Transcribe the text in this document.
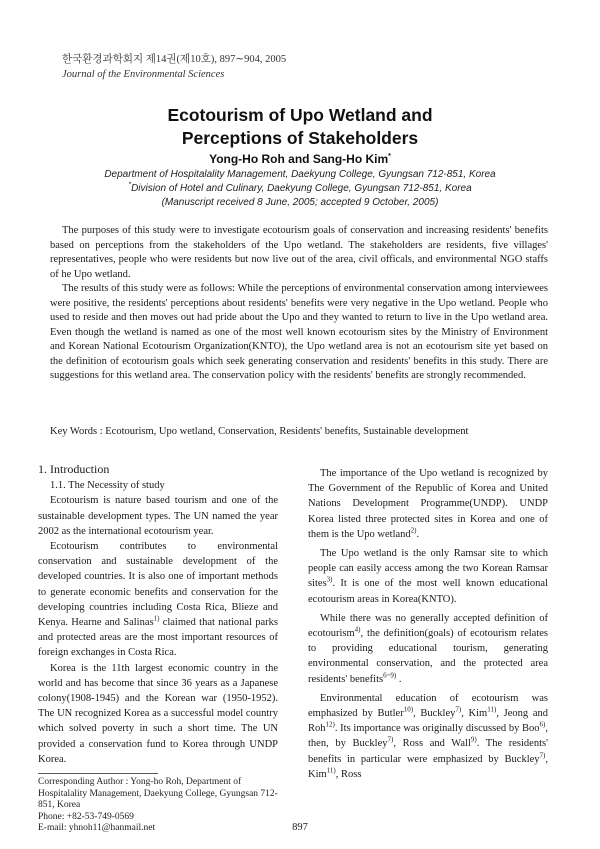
한국환경과학회지 제14권(제10호), 897∼904, 2005
Journal of the Environmental Sciences
Ecotourism of Upo Wetland and
Perceptions of Stakeholders
Yong-Ho Roh and Sang-Ho Kim*
Department of Hospitalality Management, Daekyung College, Gyungsan 712-851, Korea
*Division of Hotel and Culinary, Daekyung College, Gyungsan 712-851, Korea
(Manuscript received 8 June, 2005; accepted 9 October, 2005)

The purposes of this study were to investigate ecotourism goals of conservation and increasing residents' benefits based on perceptions from the stakeholders of the Upo wetland. The stakeholders are residents, five villages' representatives, people who were residents but now live out of the area, civil officals, and environmental NGO staffs of he Upo wetland.

The results of this study were as follows: While the perceptions of environmental conservation among interviewees were positive, the residents' perceptions about residents' benefits were very negative in the Upo wetland. People who used to reside and then moves out had pride about the Upo and they wanted to return to live in the Upo wetland area. Even though the wetland is named as one of the most well known ecotourism sites by the Ministry of Environment and Korean National Ecotourism Organization(KNTO), the Upo wetland area is not an ecotourism site yet based on the definition of ecotourism goals which seek generating conservation and residents' benefits in this study. There are suggestions for this wetland area. The conservation policy with the residents' benefits are strongly recommended.

Key Words : Ecotourism, Upo wetland, Conservation, Residents' benefits, Sustainable development

1. Introduction

1.1. The Necessity of study

Ecotourism is nature based tourism and one of the sustainable development types. The UN named the year 2002 as the international ecotourism year.

Ecotourism contributes to environmental conservation and sustainable development of the developed countries. It is also one of important methods to generate economic benefits and conservation for the developing countries including Costa Rica, Blieze and Kenya. Hearne and Salinas$^{1)}$ claimed that national parks and protected areas are the most important resources of foreign exchanges in Costa Rica.

Korea is the 11th largest economic country in the world and has become that since 36 years as a Japanese colony(1908-1945) and the Korean war (1950-1952). The UN recognized Korea as a successful model country which solved poverty in such a short time. The UN provided a conservation fund to Korea through UNDP Korea.

The importance of the Upo wetland is recognized by The Government of the Republic of Korea and United Nations Development Programme(UNDP). UNDP Korea listed three protected sites in Korea and one of them is the Upo wetland$^{2)}$.

The Upo wetland is the only Ramsar site to which people can easily access among the two Korean Ramsar sites$^{3)}$. It is one of the most well known educational ecotourism areas in Korea(KNTO).

While there was no generally accepted definition of ecotourism$^{4)}$, the definition(goals) of ecotourism relates to providing educational tourism, generating environmental conservation, and the protected area residents' benefits$^{6\sim 9)}$ .

Environmental education of ecotourism was emphasized by Butler$^{10)}$, Buckley$^{7)}$, Kim$^{11)}$, Jeong and Roh$^{12)}$. Its importance was originally discussed by Boo$^{6)}$, then, by Buckley$^{7)}$, Ross and Wall$^{9)}$. The residents' benefits in particular were emphasized by Buckley$^{7)}$, Kim$^{11)}$, Ross

Corresponding Author : Yong-ho Roh, Department of Hospitalality Management, Daekyung College, Gyungsan 712-851, Korea
Phone: +82-53-749-0569
E-mail: yhnoh11@hanmail.net	897
